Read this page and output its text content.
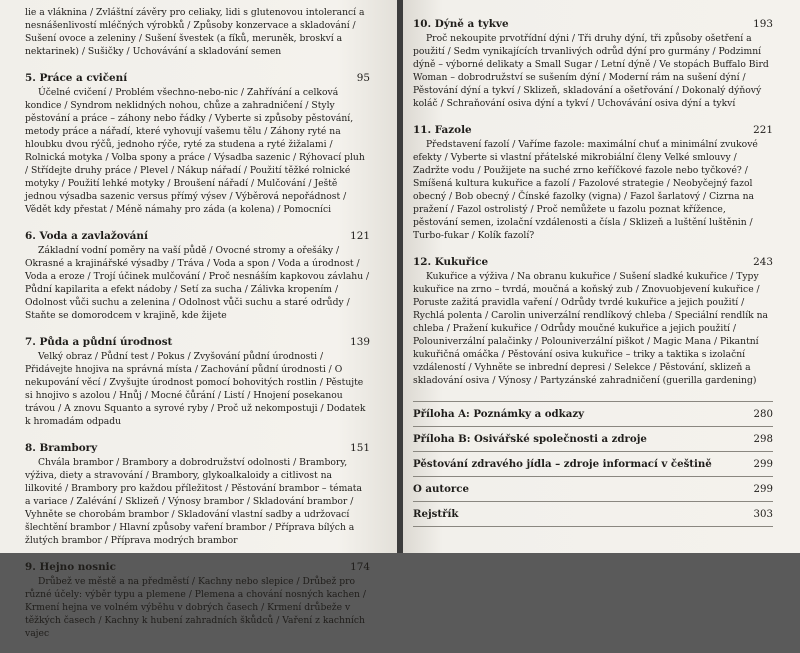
lie a vláknina / Zvláštní závěry pro celiaky, lidi s glutenovou intolerancí a nesnášenlivostí mléčných výrobků / Způsoby konzervace a skladování / Sušení ovoce a zeleniny / Sušení švestek (a fíků, meruněk, broskví a nektarinek) / Sušičky / Uchovávání a skladování semen
5. Práce a cvičení	95
Účelné cvičení / Problém všechno-nebo-nic / Zahřívání a celková kondice / Syndrom neklidných nohou, chůze a zahradničení / Styly pěstování a práce – záhony nebo řádky / Vyberte si způsoby pěstování, metody práce a nářadí, které vyhovují vašemu tělu / Záhony ryté na hloubku dvou rýčů, jednoho rýče, ryté za studena a ryté žižalami / Rolnická motyka / Volba spony a práce / Výsadba sazenic / Rýhovací pluh / Střídejte druhy práce / Plevel / Nákup nářadí / Použití těžké rolnické motyky / Použití lehké motyky / Broušení nářadí / Mulčování / Ještě jednou výsadba sazenic versus přímý výsev / Výběrová nepořádnost / Vědět kdy přestat / Méně námahy pro záda (a kolena) / Pomocníci
6. Voda a zavlažování	121
Základní vodní poměry na vaší půdě / Ovocné stromy a ořešáky / Okrasné a krajinářské výsadby / Tráva / Voda a spon / Voda a úrodnost / Voda a eroze / Trojí účinek mulčování / Proč nesnáším kapkovou závlahu / Půdní kapilarita a efekt nádoby / Setí za sucha / Zálivka kropením / Odolnost vůči suchu a zelenina / Odolnost vůči suchu a staré odrůdy / Staňte se domorodcem v krajině, kde žijete
7. Půda a půdní úrodnost	139
Velký obraz / Půdní test / Pokus / Zvyšování půdní úrodnosti / Přidávejte hnojiva na správná místa / Zachování půdní úrodnosti / O nekupování věcí / Zvyšujte úrodnost pomocí bohovitých rostlin / Pěstujte si hnojivo s azolou / Hnůj / Mocné čůrání / Listí / Hnojení posekanou trávou / A znovu Squanto a syrové ryby / Proč už nekompostuji / Dodatek k hromadám odpadu
8. Brambory	151
Chvála brambor / Brambory a dobrodružství odolnosti / Brambory, výživa, diety a stravování / Brambory, glykoalkaloidy a citlivost na lilkovité / Brambory pro každou příležitost / Pěstování brambor – témata a variace / Zalévání / Sklizeň / Výnosy brambor / Skladování brambor / Vyhněte se chorobám brambor / Skladování vlastní sadby a udržovací šlechtění brambor / Hlavní způsoby vaření brambor / Příprava bílých a žlutých brambor / Příprava modrých brambor
9. Hejno nosnic	174
Drůbež ve městě a na předměstí / Kachny nebo slepice / Drůbež pro různé účely: výběr typu a plemene / Plemena a chování nosných kachen / Krmení hejna ve volném výběhu v dobrých časech / Krmení drůbeže v těžkých časech / Kachny k hubení zahradních škůdců / Vaření z kachních vajec
10. Dýně a tykve	193
Proč nekoupite prvotřídní dýni / Tři druhy dýní, tři způsoby ošetření a použití / Sedm vynikajících trvanlivých odrůd dýní pro gurmány / Podzimní dýně – výborné delikaty a Small Sugar / Letní dýně / Ve stopách Buffalo Bird Woman – dobrodružství se sušením dýní / Moderní rám na sušení dýní / Pěstování dýní a tykví / Sklizeň, skladování a ošetřování / Dokonalý dýňový koláč / Schraňování osiva dýní a tykví / Uchovávání osiva dýní a tykví
11. Fazole	221
Představení fazolí / Vaříme fazole: maximální chuť a minimální zvukové efekty / Vyberte si vlastní přátelské mikrobiální členy Velké smlouvy / Zadržte vodu / Použijete na suché zrno keříčkové fazole nebo tyčkové? / Smíšená kultura kukuřice a fazolí / Fazolové strategie / Neobyčejný fazol obecný / Bob obecný / Čínské fazolky (vigna) / Fazol šarlatový / Cizrna na pražení / Fazol ostrolistý / Proč nemůžete u fazolu poznat křížence, pěstování semen, izolační vzdálenosti a čísla / Sklizeň a luštění luštěnin / Turbo-fukar / Kolík fazolí?
12. Kukuřice	243
Kukuřice a výživa / Na obranu kukuřice / Sušení sladké kukuřice / Typy kukuřice na zrno – tvrdá, moučná a koňský zub / Znovuobjevení kukuřice / Poruste zažitá pravidla vaření / Odrůdy tvrdé kukuřice a jejich použití / Rychlá polenta / Carolin univerzální rendlíkový chleba / Speciální rendlík na chleba / Pražení kukuřice / Odrůdy moučné kukuřice a jejich použití / Polouniverzální palačinky / Polouniverzální piškot / Magic Mana / Pikantní kukuřičná omáčka / Pěstování osiva kukuřice – triky a taktika s izolační vzdáleností / Vyhněte se inbrední depresi / Selekce / Pěstování, sklizeň a skladování osiva / Výnosy / Partyzánské zahradničení (guerilla gardening)
Příloha A: Poznámky a odkazy	280
Příloha B: Osivářské společnosti a zdroje	298
Pěstování zdravého jídla – zdroje informací v češtině	299
O autorce	299
Rejstřík	303
